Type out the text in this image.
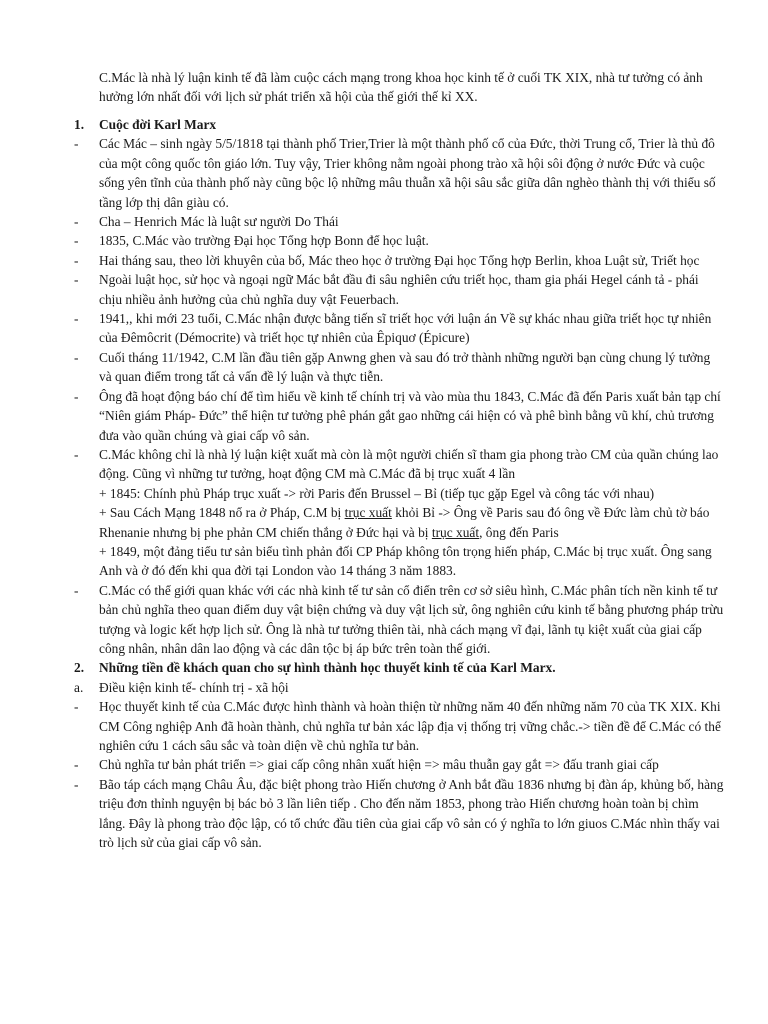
C.Mác là nhà lý luận kinh tế đã làm cuộc cách mạng trong khoa học kinh tế ở cuối TK XIX, nhà tư tưởng có ảnh hưởng lớn nhất đối với lịch sử phát triển xã hội của thế giới thế kỉ XX.
1.	Cuộc đời Karl Marx
-	Các Mác – sinh ngày 5/5/1818 tại thành phố Trier,Trier là một thành phố cổ của Đức, thời Trung cổ, Trier là thủ đô của một công quốc tôn giáo lớn. Tuy vậy, Trier không nằm ngoài phong trào xã hội sôi động ở nước Đức và cuộc sống yên tĩnh của thành phố này cũng bộc lộ những mâu thuẫn xã hội sâu sắc giữa dân nghèo thành thị với thiểu số tầng lớp thị dân giàu có.
-	Cha – Henrich Mác là luật sư người Do Thái
-	1835, C.Mác vào trường Đại học Tổng hợp Bonn để học luật.
-	Hai tháng sau, theo lời khuyên của bố, Mác theo học ở trường Đại học Tổng hợp Berlin, khoa Luật sử, Triết học
-	Ngoài luật học, sử học và ngoại ngữ Mác bắt đầu đi sâu nghiên cứu triết học, tham gia phái Hegel cánh tả - phái chịu nhiều ảnh hưởng của chủ nghĩa duy vật Feuerbach.
-	1941,, khi mới 23 tuổi, C.Mác nhận được bằng tiến sĩ triết học với luận án Về sự khác nhau giữa triết học tự nhiên của Đêmôcrit (Démocrite) và triết học tự nhiên của Êpiquơ (Épicure)
-	Cuối tháng 11/1942, C.M lần đầu tiên gặp Anwng ghen và sau đó trở thành những người bạn cùng chung lý tưởng và quan điểm trong tất cả vấn đề lý luận và thực tiễn.
-	Ông đã hoạt động báo chí để tìm hiểu về kinh tế chính trị và vào mùa thu 1843, C.Mác đã đến Paris xuất bản tạp chí “Niên giám Pháp- Đức” thể hiện tư tưởng phê phán gắt gao những cái hiện có và phê bình bằng vũ khí, chủ trương đưa vào quần chúng và giai cấp vô sản.
-	C.Mác không chỉ là nhà lý luận kiệt xuất mà còn là một người chiến sĩ tham gia phong trào CM của quần chúng lao động. Cũng vì những tư tưởng, hoạt động CM mà C.Mác đã bị trục xuất 4 lần
+ 1845: Chính phủ Pháp trục xuất -> rời Paris đến Brussel – Bỉ (tiếp tục gặp Egel và công tác với nhau)
+ Sau Cách Mạng 1848 nổ ra ở Pháp, C.M bị trục xuất khỏi Bỉ -> Ông về Paris sau đó ông về Đức làm chủ tờ báo Rhenanie nhưng bị phe phản CM chiến thắng ở Đức hại và bị trục xuất, ông đến Paris
+ 1849, một đảng tiểu tư sản biểu tình phản đối CP Pháp không tôn trọng hiến pháp, C.Mác bị trục xuất. Ông sang Anh và ở đó đến khi qua đời tại London vào 14 tháng 3 năm 1883.
-	C.Mác có thể giới quan khác với các nhà kinh tế tư sản cổ điển trên cơ sở siêu hình, C.Mác phân tích nền kinh tế tư bản chủ nghĩa theo quan điểm duy vật biện chứng và duy vật lịch sử, ông nghiên cứu kinh tế bằng phương pháp trừu tượng và logic kết hợp lịch sử. Ông là nhà tư tưởng thiên tài, nhà cách mạng vĩ đại, lãnh tụ kiệt xuất của giai cấp công nhân, nhân dân lao động và các dân tộc bị áp bức trên toàn thế giới.
2.	Những tiền đề khách quan cho sự hình thành học thuyết kinh tế của Karl Marx.
a.	Điều kiện kinh tế- chính trị - xã hội
-	Học thuyết kinh tế của C.Mác được hình thành và hoàn thiện từ những năm 40 đến những năm 70 của TK XIX. Khi CM Công nghiệp Anh đã hoàn thành, chủ nghĩa tư bản xác lập địa vị thống trị vững chắc.-> tiền đề để C.Mác có thể nghiên cứu 1 cách sâu sắc và toàn diện về chủ nghĩa tư bản.
-	Chủ nghĩa tư bản phát triển => giai cấp công nhân xuất hiện => mâu thuẫn gay gắt => đấu tranh giai cấp
-	Bão táp cách mạng Châu Âu, đặc biệt phong trào Hiến chương ở Anh bắt đầu 1836 nhưng bị đàn áp, khủng bố, hàng triệu đơn thỉnh nguyện bị bác bỏ 3 lần liên tiếp . Cho đến năm 1853, phong trào Hiến chương hoàn toàn bị chìm lắng. Đây là phong trào độc lập, có tổ chức đầu tiên của giai cấp vô sản có ý nghĩa to lớn giuos C.Mác nhìn thấy vai trò lịch sử của giai cấp vô sản.
